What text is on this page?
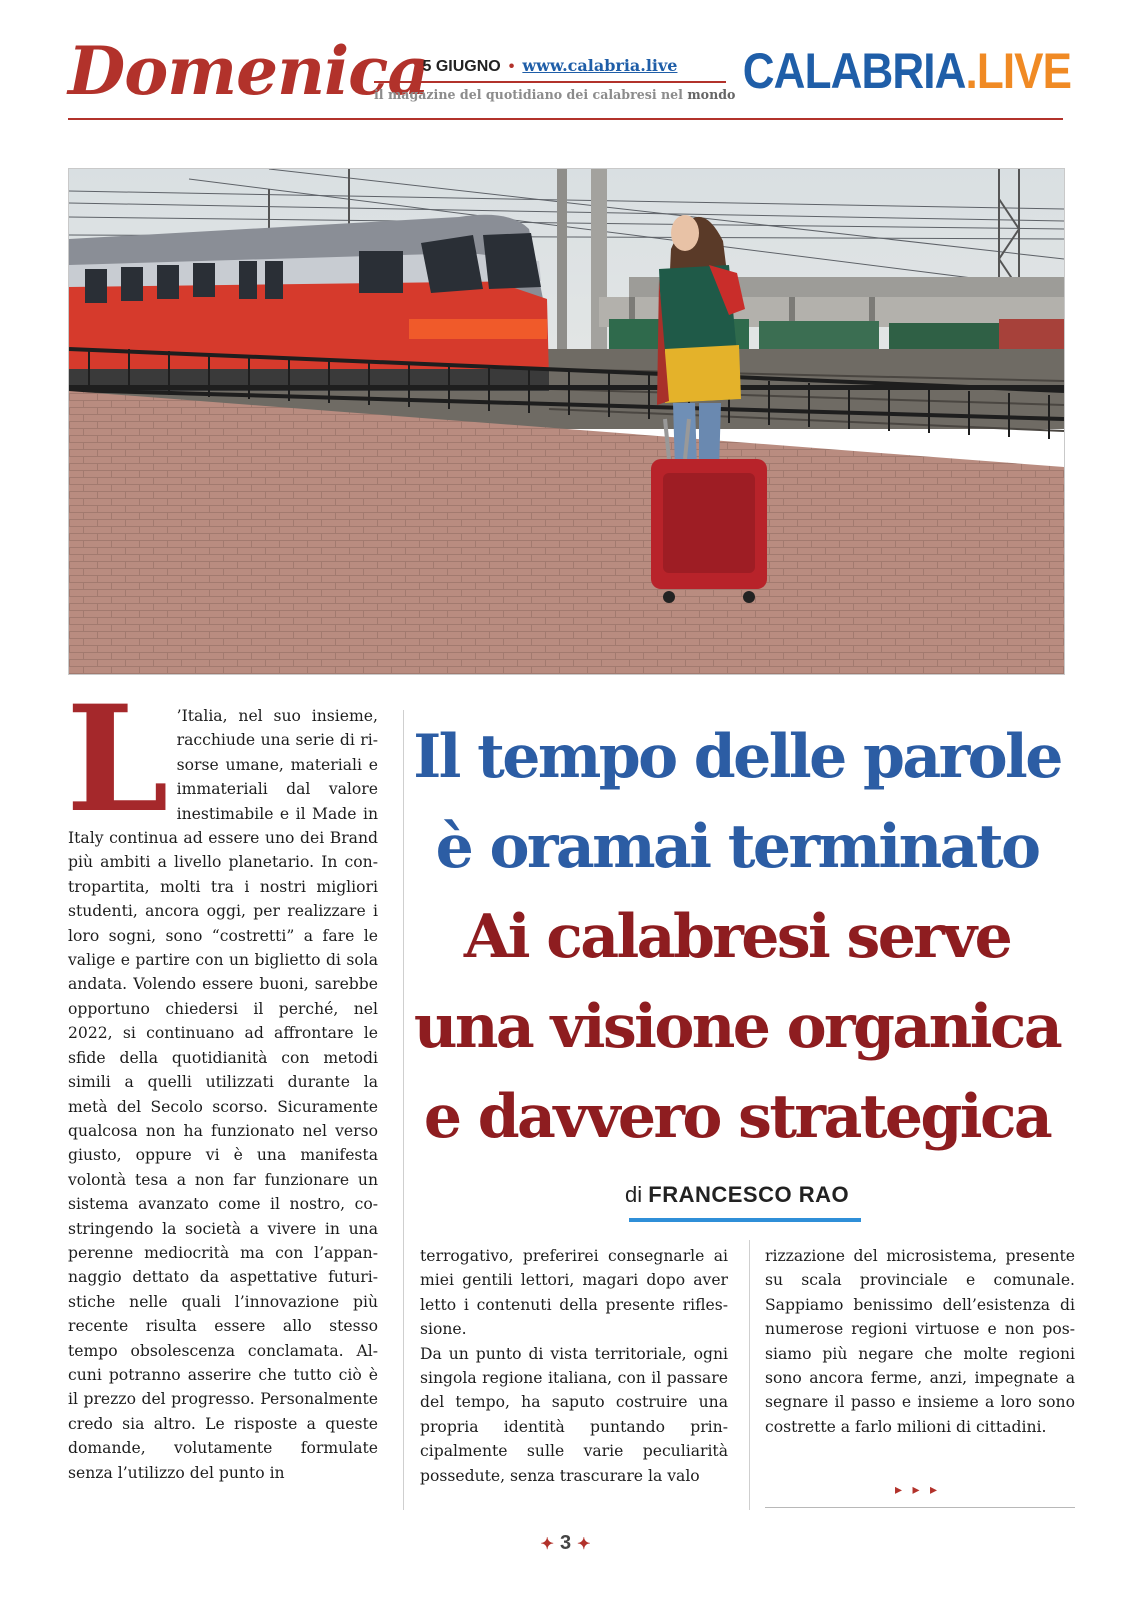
Domenica
5 GIUGNO • www.calabria.live
il magazine del quotidiano dei calabresi nel mondo CALABRIA.LIVE
Il tempo delle parole
è oramai terminato
Ai calabresi serve
una visione organica
e davvero strategica
di FRANCESCO RAO
L ’Italia, nel suo insieme, racchiude una serie di risorse umane, materiali e immateriali dal valore inestimabile e il Made in Italy continua ad essere uno dei Brand più ambiti a livello planetario. In contropartita, molti tra i nostri migliori studenti, ancora oggi, per realizzare i loro sogni, sono “costretti” a fare le valige e partire con un biglietto di sola andata. Volendo essere buoni, sarebbe opportuno chiedersi il perché, nel 2022, si continuano ad affrontare le sfide della quotidianità con metodi simili a quelli utilizzati durante la metà del Secolo scorso. Sicuramente qualcosa non ha funzionato nel verso giusto, oppure vi è una manifesta volontà tesa a non far funzionare un sistema avanzato come il nostro, costringendo la società a vivere in una perenne mediocrità ma con l’appannaggio dettato da aspettative futuristiche nelle quali l’innovazione più recente risulta essere allo stesso tempo obsolescenza conclamata. Alcuni potranno asserire che tutto ciò è il prezzo del progresso. Personalmente credo sia altro. Le risposte a queste domande, volutamente formulate senza l’utilizzo del punto in

terrogativo, preferirei consegnarle ai miei gentili lettori, magari dopo aver letto i contenuti della presente riflessione.

Da un punto di vista territoriale, ogni singola regione italiana, con il passare del tempo, ha saputo costruire una propria identità puntando principalmente sulle varie peculiarità possedute, senza trascurare la valo

rizzazione del microsistema, presente su scala provinciale e comunale. Sappiamo benissimo dell’esistenza di numerose regioni virtuose e non possiamo più negare che molte regioni sono ancora ferme, anzi, impegnate a segnare il passo e insieme a loro sono costrette a farlo milioni di cittadini.

▸ ▸ ▸
✦ 3 ✦
